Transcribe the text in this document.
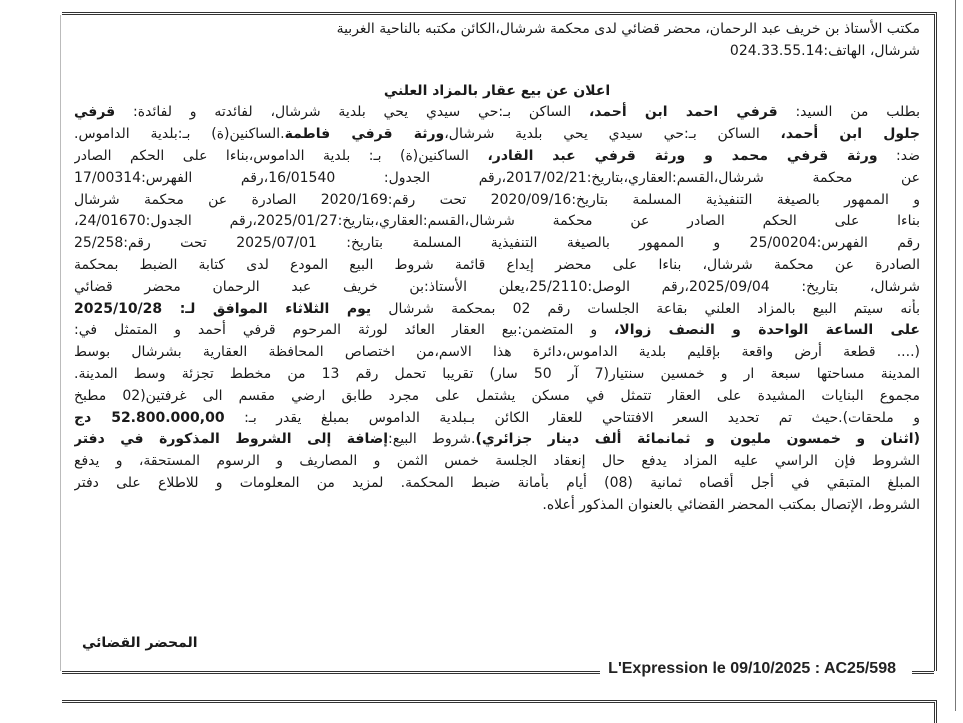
مكتب الأستاذ بن خريف عبد الرحمان، محضر قضائي لدى محكمة شرشال،الكائن مكتبه بالناحية الغربية
شرشال، الهاتف:024.33.55.14
اعلان عن بيع عقار بالمزاد العلني
بطلب من السيد: قرفي احمد ابن أحمد، الساكن بـ:حي سيدي يحي بلدية شرشال، لفائدته و لفائدة: قرفي
جلول ابن أحمد، الساكن بـ:حي سيدي يحي بلدية شرشال،ورثة قرفي فاطمة.الساكنين(ة) بـ:بلدية الداموس.
ضد: ورثة قرفي محمد و ورثة قرفي عبد القادر، الساكنين(ة) بـ: بلدية الداموس،بناءا على الحكم الصادر
عن محكمة شرشال،القسم:العقاري،بتاريخ:2017/02/21،رقم الجدول: 16/01540،رقم الفهرس:17/00314
و الممهور بالصيغة التنفيذية المسلمة بتاريخ:2020/09/16 تحت رقم:2020/169 الصادرة عن محكمة شرشال
بناءا على الحكم الصادر عن محكمة شرشال،القسم:العقاري،بتاريخ:2025/01/27،رقم الجدول:24/01670،
رقم الفهرس:25/00204 و الممهور بالصيغة التنفيذية المسلمة بتاريخ: 2025/07/01 تحت رقم:25/258
الصادرة عن محكمة شرشال، بناءا على محضر إيداع قائمة شروط البيع المودع لدى كتابة الضبط بمحكمة
شرشال، بتاريخ: 2025/09/04،رقم الوصل:25/2110،يعلن الأستاذ:بن خريف عبد الرحمان محضر قضائي
بأنه سيتم البيع بالمزاد العلني بقاعة الجلسات رقم 02 بمحكمة شرشال يوم الثلاثاء الموافق لـ: 2025/10/28
على الساعة الواحدة و النصف زوالا، و المتضمن:بيع العقار العائد لورثة المرحوم قرفي أحمد و المتمثل في:
(.... قطعة أرض واقعة بإقليم بلدية الداموس،دائرة هذا الاسم،من اختصاص المحافظة العقارية بشرشال بوسط
المدينة مساحتها سبعة ار و خمسين سنتيار(7 آر 50 سار) تقريبا تحمل رقم 13 من مخطط تجزئة وسط المدينة.
مجموع البنايات المشيدة على العقار تتمثل في مسكن يشتمل على مجرد طابق ارضي مقسم الى غرفتين(02 مطبخ
و ملحقات).حيث تم تحديد السعر الافتتاحي للعقار الكائن بـبلدية الداموس بمبلغ يقدر بـ: 52.800.000,00 دج
(اثنان و خمسون مليون و ثمانمائة ألف دينار جزائري).شروط البيع:إضافة إلى الشروط المذكورة في دفتر
الشروط فإن الراسي عليه المزاد يدفع حال إنعقاد الجلسة خمس الثمن و المصاريف و الرسوم المستحقة، و يدفع
المبلغ المتبقي في أجل أقصاه ثمانية (08) أيام بأمانة ضبط المحكمة. لمزيد من المعلومات و للاطلاع على دفتر
الشروط، الإتصال بمكتب المحضر القضائي بالعنوان المذكور أعلاه.
المحضر القضائي
L'Expression le 09/10/2025 : AC25/598
